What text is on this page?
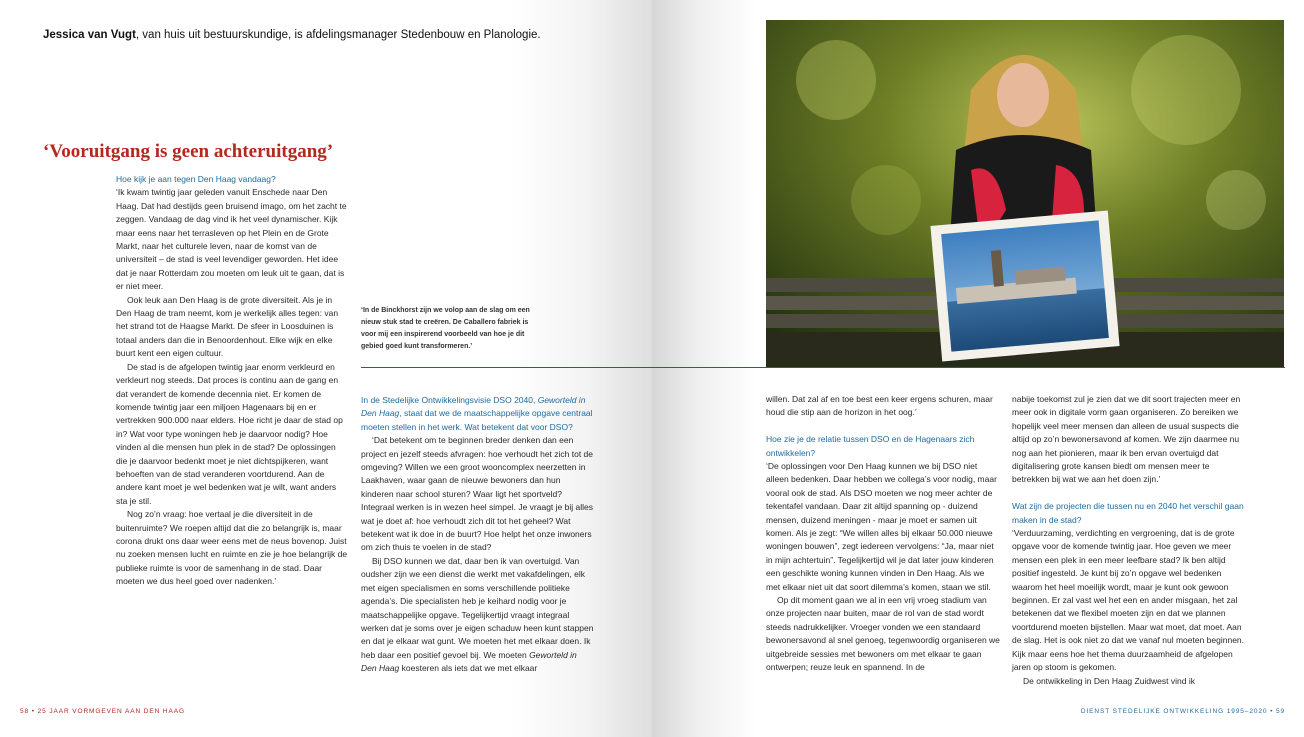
Jessica van Vugt, van huis uit bestuurskundige, is afdelingsmanager Stedenbouw en Planologie.
‘Vooruitgang is geen achteruitgang’

Hoe kijk je aan tegen Den Haag vandaag?

‘Ik kwam twintig jaar geleden vanuit Enschede naar Den Haag. Dat had destijds geen bruisend imago, om het zacht te zeggen. Vandaag de dag vind ik het veel dynamischer. Kijk maar eens naar het terrasleven op het Plein en de Grote Markt, naar het culturele leven, naar de komst van de universiteit – de stad is veel levendiger geworden. Het idee dat je naar Rotterdam zou moeten om leuk uit te gaan, dat is er niet meer.

Ook leuk aan Den Haag is de grote diversiteit. Als je in Den Haag de tram neemt, kom je werkelijk alles tegen: van het strand tot de Haagse Markt. De sfeer in Loosduinen is totaal anders dan die in Benoordenhout. Elke wijk en elke buurt kent een eigen cultuur.

De stad is de afgelopen twintig jaar enorm verkleurd en verkleurt nog steeds. Dat proces is continu aan de gang en dat verandert de komende decennia niet. Er komen de komende twintig jaar een miljoen Hagenaars bij en er vertrekken 900.000 naar elders. Hoe richt je daar de stad op in? Wat voor type woningen heb je daarvoor nodig? Hoe vinden al die mensen hun plek in de stad? De oplossingen die je daarvoor bedenkt moet je niet dichtspijkeren, want behoeften van de stad veranderen voortdurend. Aan de andere kant moet je wel bedenken wat je wilt, want anders sta je stil.

Nog zo’n vraag: hoe vertaal je die diversiteit in de buitenruimte? We roepen altijd dat die zo belangrijk is, maar corona drukt ons daar weer eens met de neus bovenop. Juist nu zoeken mensen lucht en ruimte en zie je hoe belangrijk de publieke ruimte is voor de samenhang in de stad. Daar moeten we dus heel goed over nadenken.’

‘In de Binckhorst zijn we volop aan de slag om een nieuw stuk stad te creëren. De Caballero fabriek is voor mij een inspirerend voorbeeld van hoe je dit gebied goed kunt transformeren.’

In de Stedelijke Ontwikkelingsvisie DSO 2040, Geworteld in Den Haag, staat dat we de maatschappelijke opgave centraal moeten stellen in het werk. Wat betekent dat voor DSO?

‘Dat betekent om te beginnen breder denken dan een project en jezelf steeds afvragen: hoe verhoudt het zich tot de omgeving? Willen we een groot wooncomplex neerzetten in Laakhaven, waar gaan de nieuwe bewoners dan hun kinderen naar school sturen? Waar ligt het sportveld? Integraal werken is in wezen heel simpel. Je vraagt je bij alles wat je doet af: hoe verhoudt zich dit tot het geheel? Wat betekent wat ik doe in de buurt? Hoe helpt het onze inwoners om zich thuis te voelen in de stad?

Bij DSO kunnen we dat, daar ben ik van overtuigd. Van oudsher zijn we een dienst die werkt met vakafdelingen, elk met eigen specialismen en soms verschillende politieke agenda’s. Die specialisten heb je keihard nodig voor je maatschappelijke opgave. Tegelijkertijd vraagt integraal werken dat je soms over je eigen schaduw heen kunt stappen en dat je elkaar wat gunt. We moeten het met elkaar doen. Ik heb daar een positief gevoel bij. We moeten Geworteld in Den Haag koesteren als iets dat we met elkaar

58 • 25 JAAR VORMGEVEN AAN DEN HAAG	DIENST STEDELIJKE ONTWIKKELING 1995–2020 • 59

willen. Dat zal af en toe best een keer ergens schuren, maar houd die stip aan de horizon in het oog.’

Hoe zie je de relatie tussen DSO en de Hagenaars zich ontwikkelen?

‘De oplossingen voor Den Haag kunnen we bij DSO niet alleen bedenken. Daar hebben we collega’s voor nodig, maar vooral ook de stad. Als DSO moeten we nog meer achter de tekentafel vandaan. Daar zit altijd spanning op - duizend mensen, duizend meningen - maar je moet er samen uit komen. Als je zegt: “We willen alles bij elkaar 50.000 nieuwe woningen bouwen”, zegt iedereen vervolgens: “Ja, maar niet in mijn achtertuin”. Tegelijkertijd wil je dat later jouw kinderen een geschikte woning kunnen vinden in Den Haag. Als we met elkaar niet uit dat soort dilemma’s komen, staan we stil.

Op dit moment gaan we al in een vrij vroeg stadium van onze projecten naar buiten, maar de rol van de stad wordt steeds nadrukkelijker. Vroeger vonden we een standaard bewonersavond al snel genoeg, tegenwoordig organiseren we uitgebreide sessies met bewoners om met elkaar te gaan ontwerpen; reuze leuk en spannend. In de

nabije toekomst zul je zien dat we dit soort trajecten meer en meer ook in digitale vorm gaan organiseren. Zo bereiken we hopelijk veel meer mensen dan alleen de usual suspects die altijd op zo’n bewonersavond af komen. We zijn daarmee nu nog aan het pionieren, maar ik ben ervan overtuigd dat digitalisering grote kansen biedt om mensen meer te betrekken bij wat we aan het doen zijn.’

Wat zijn de projecten die tussen nu en 2040 het verschil gaan maken in de stad?

‘Verduurzaming, verdichting en vergroening, dat is de grote opgave voor de komende twintig jaar. Hoe geven we meer mensen een plek in een meer leefbare stad? Ik ben altijd positief ingesteld. Je kunt bij zo’n opgave wel bedenken waarom het heel moeilijk wordt, maar je kunt ook gewoon beginnen. Er zal vast wel het een en ander misgaan, het zal betekenen dat we flexibel moeten zijn en dat we plannen voortdurend moeten bijstellen. Maar wat moet, dat moet. Aan de slag. Het is ook niet zo dat we vanaf nul moeten beginnen. Kijk maar eens hoe het thema duurzaamheid de afgelopen jaren op stoom is gekomen.

De ontwikkeling in Den Haag Zuidwest vind ik
